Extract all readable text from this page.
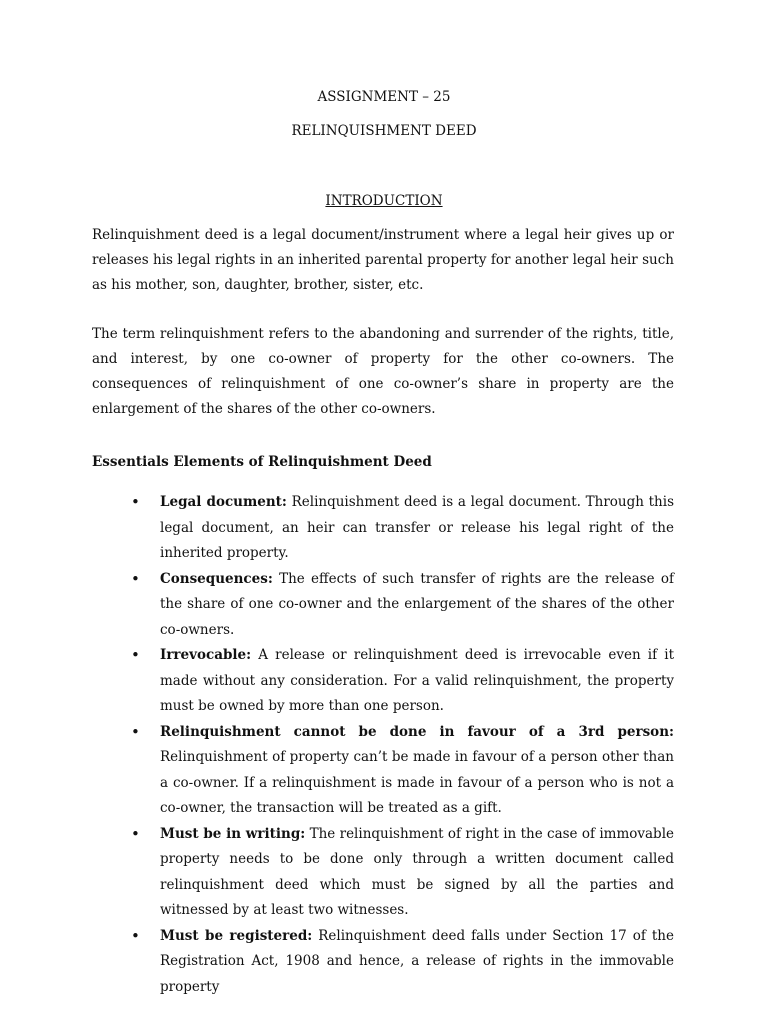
ASSIGNMENT – 25
RELINQUISHMENT DEED
INTRODUCTION

Relinquishment deed is a legal document/instrument where a legal heir gives up or releases his legal rights in an inherited parental property for another legal heir such as his mother, son, daughter, brother, sister, etc.

The term relinquishment refers to the abandoning and surrender of the rights, title, and interest, by one co-owner of property for the other co-owners. The consequences of relinquishment of one co-owner’s share in property are the enlargement of the shares of the other co-owners.

Essentials Elements of Relinquishment Deed

• Legal document: Relinquishment deed is a legal document. Through this legal document, an heir can transfer or release his legal right of the inherited property.
• Consequences: The effects of such transfer of rights are the release of the share of one co-owner and the enlargement of the shares of the other co-owners.
• Irrevocable: A release or relinquishment deed is irrevocable even if it made without any consideration. For a valid relinquishment, the property must be owned by more than one person.
• Relinquishment cannot be done in favour of a 3rd person: Relinquishment of property can’t be made in favour of a person other than a co-owner. If a relinquishment is made in favour of a person who is not a co-owner, the transaction will be treated as a gift.
• Must be in writing: The relinquishment of right in the case of immovable property needs to be done only through a written document called relinquishment deed which must be signed by all the parties and witnessed by at least two witnesses.
• Must be registered: Relinquishment deed falls under Section 17 of the Registration Act, 1908 and hence, a release of rights in the immovable property
